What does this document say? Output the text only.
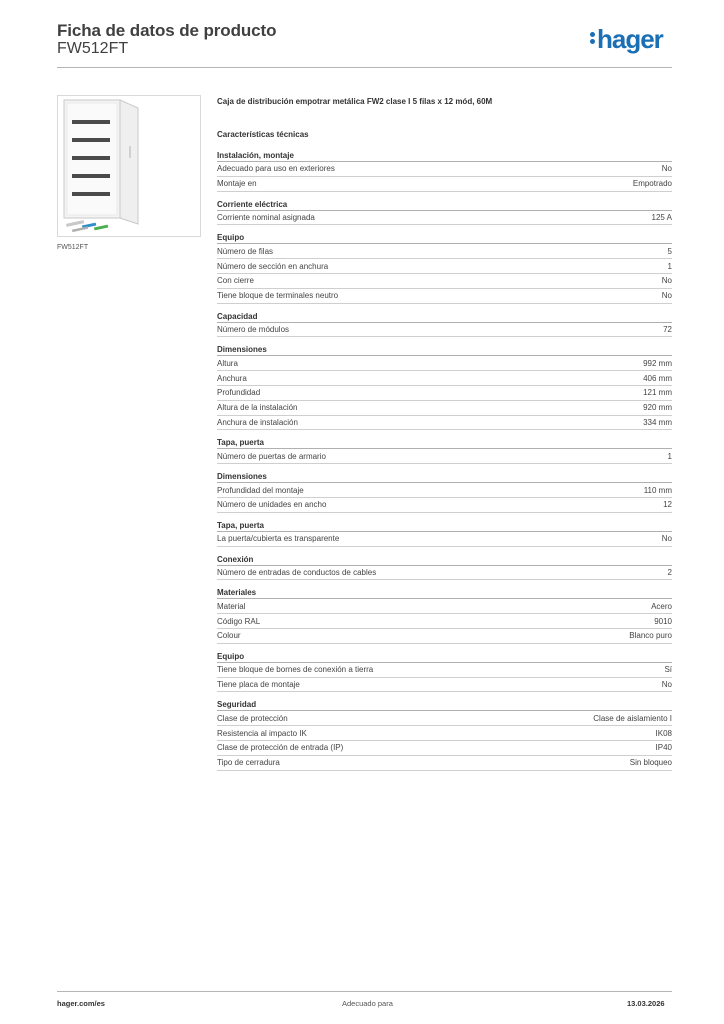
Ficha de datos de producto
FW512FT	hager
FW512FT
Caja de distribución empotrar metálica FW2 clase I 5 filas x 12 mód, 60M
Características técnicas
Instalación, montaje
Adecuado para uso en exteriores	No
Montaje en	Empotrado
Corriente eléctrica
Corriente nominal asignada	125 A
Equipo
Número de filas	5
Número de sección en anchura	1
Con cierre	No
Tiene bloque de terminales neutro	No
Capacidad
Número de módulos	72
Dimensiones
Altura	992 mm
Anchura	406 mm
Profundidad	121 mm
Altura de la instalación	920 mm
Anchura de instalación	334 mm
Tapa, puerta
Número de puertas de armario	1
Dimensiones
Profundidad del montaje	110 mm
Número de unidades en ancho	12
Tapa, puerta
La puerta/cubierta es transparente	No
Conexión
Número de entradas de conductos de cables	2
Materiales
Material	Acero
Código RAL	9010
Colour	Blanco puro
Equipo
Tiene bloque de bornes de conexión a tierra	Sí
Tiene placa de montaje	No
Seguridad
Clase de protección	Clase de aislamiento I
Resistencia al impacto IK	IK08
Clase de protección de entrada (IP)	IP40
Tipo de cerradura	Sin bloqueo
hager.com/es	Adecuado para	13.03.2026
